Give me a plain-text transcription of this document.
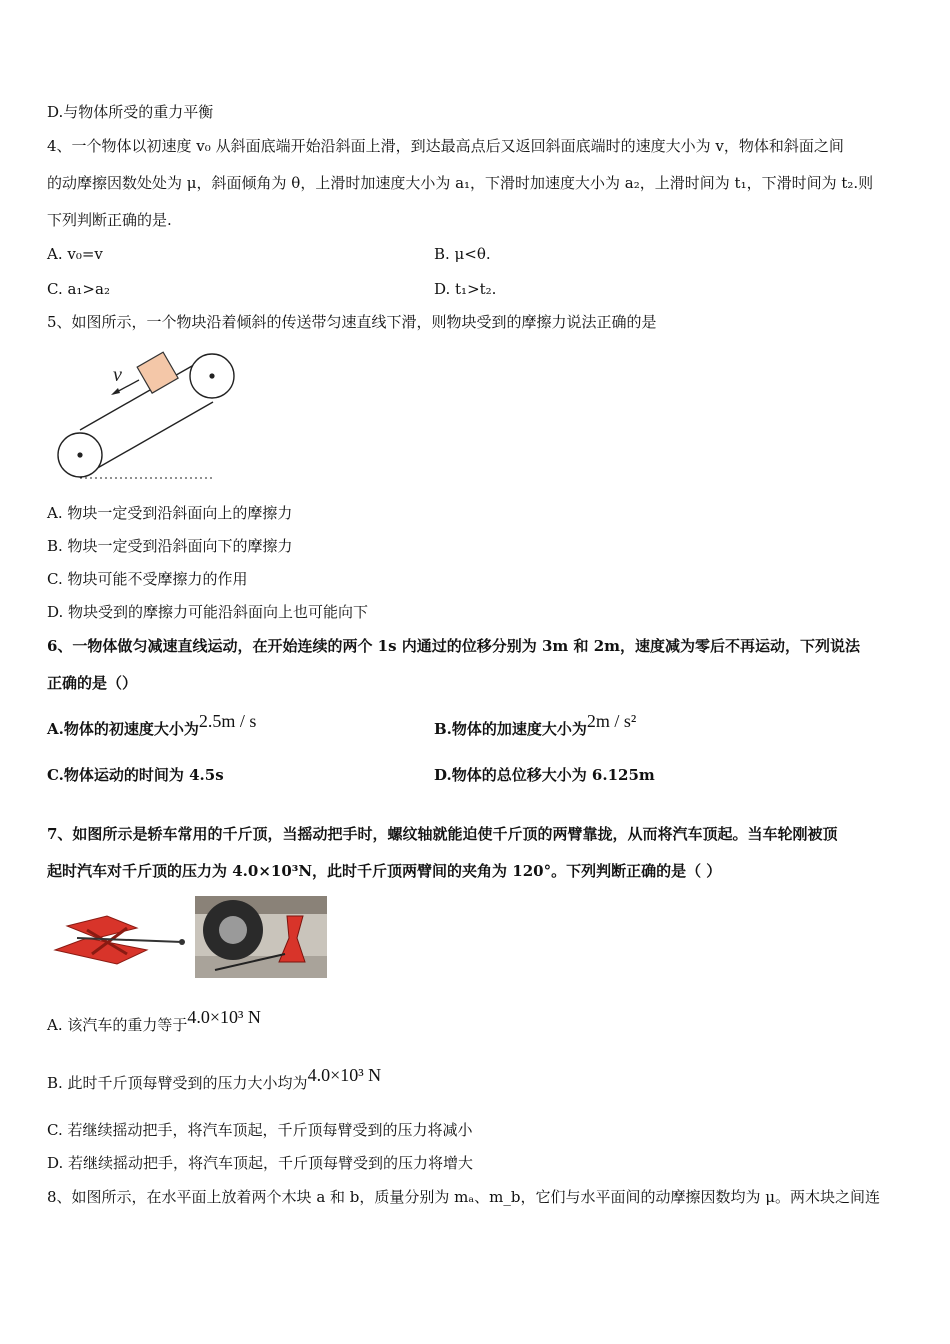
D.与物体所受的重力平衡
4、一个物体以初速度 v₀ 从斜面底端开始沿斜面上滑，到达最高点后又返回斜面底端时的速度大小为 v，物体和斜面之间
的动摩擦因数处处为 μ，斜面倾角为 θ，上滑时加速度大小为 a₁，下滑时加速度大小为 a₂，上滑时间为 t₁，下滑时间为 t₂.则
下列判断正确的是.
A. v₀=v	B. μ<θ.
C. a₁>a₂	D. t₁>t₂.
5、如图所示，一个物块沿着倾斜的传送带匀速直线下滑，则物块受到的摩擦力说法正确的是
v
A. 物块一定受到沿斜面向上的摩擦力
B. 物块一定受到沿斜面向下的摩擦力
C. 物块可能不受摩擦力的作用
D. 物块受到的摩擦力可能沿斜面向上也可能向下
6、一物体做匀减速直线运动，在开始连续的两个 1s 内通过的位移分别为 3m 和 2m，速度减为零后不再运动，下列说法
正确的是（）
A.物体的初速度大小为2.5m / s	B.物体的加速度大小为2m / s²
C.物体运动的时间为 4.5s	D.物体的总位移大小为 6.125m
7、如图所示是轿车常用的千斤顶，当摇动把手时，螺纹轴就能迫使千斤顶的两臂靠拢，从而将汽车顶起。当车轮刚被顶
起时汽车对千斤顶的压力为 4.0×10³N，此时千斤顶两臂间的夹角为 120°。下列判断正确的是（ ）
A. 该汽车的重力等于4.0×10³ N
B. 此时千斤顶每臂受到的压力大小均为4.0×10³ N
C. 若继续摇动把手，将汽车顶起，千斤顶每臂受到的压力将减小
D. 若继续摇动把手，将汽车顶起，千斤顶每臂受到的压力将增大
8、如图所示，在水平面上放着两个木块 a 和 b，质量分别为 mₐ、m_b，它们与水平面间的动摩擦因数均为 μ。两木块之间连
